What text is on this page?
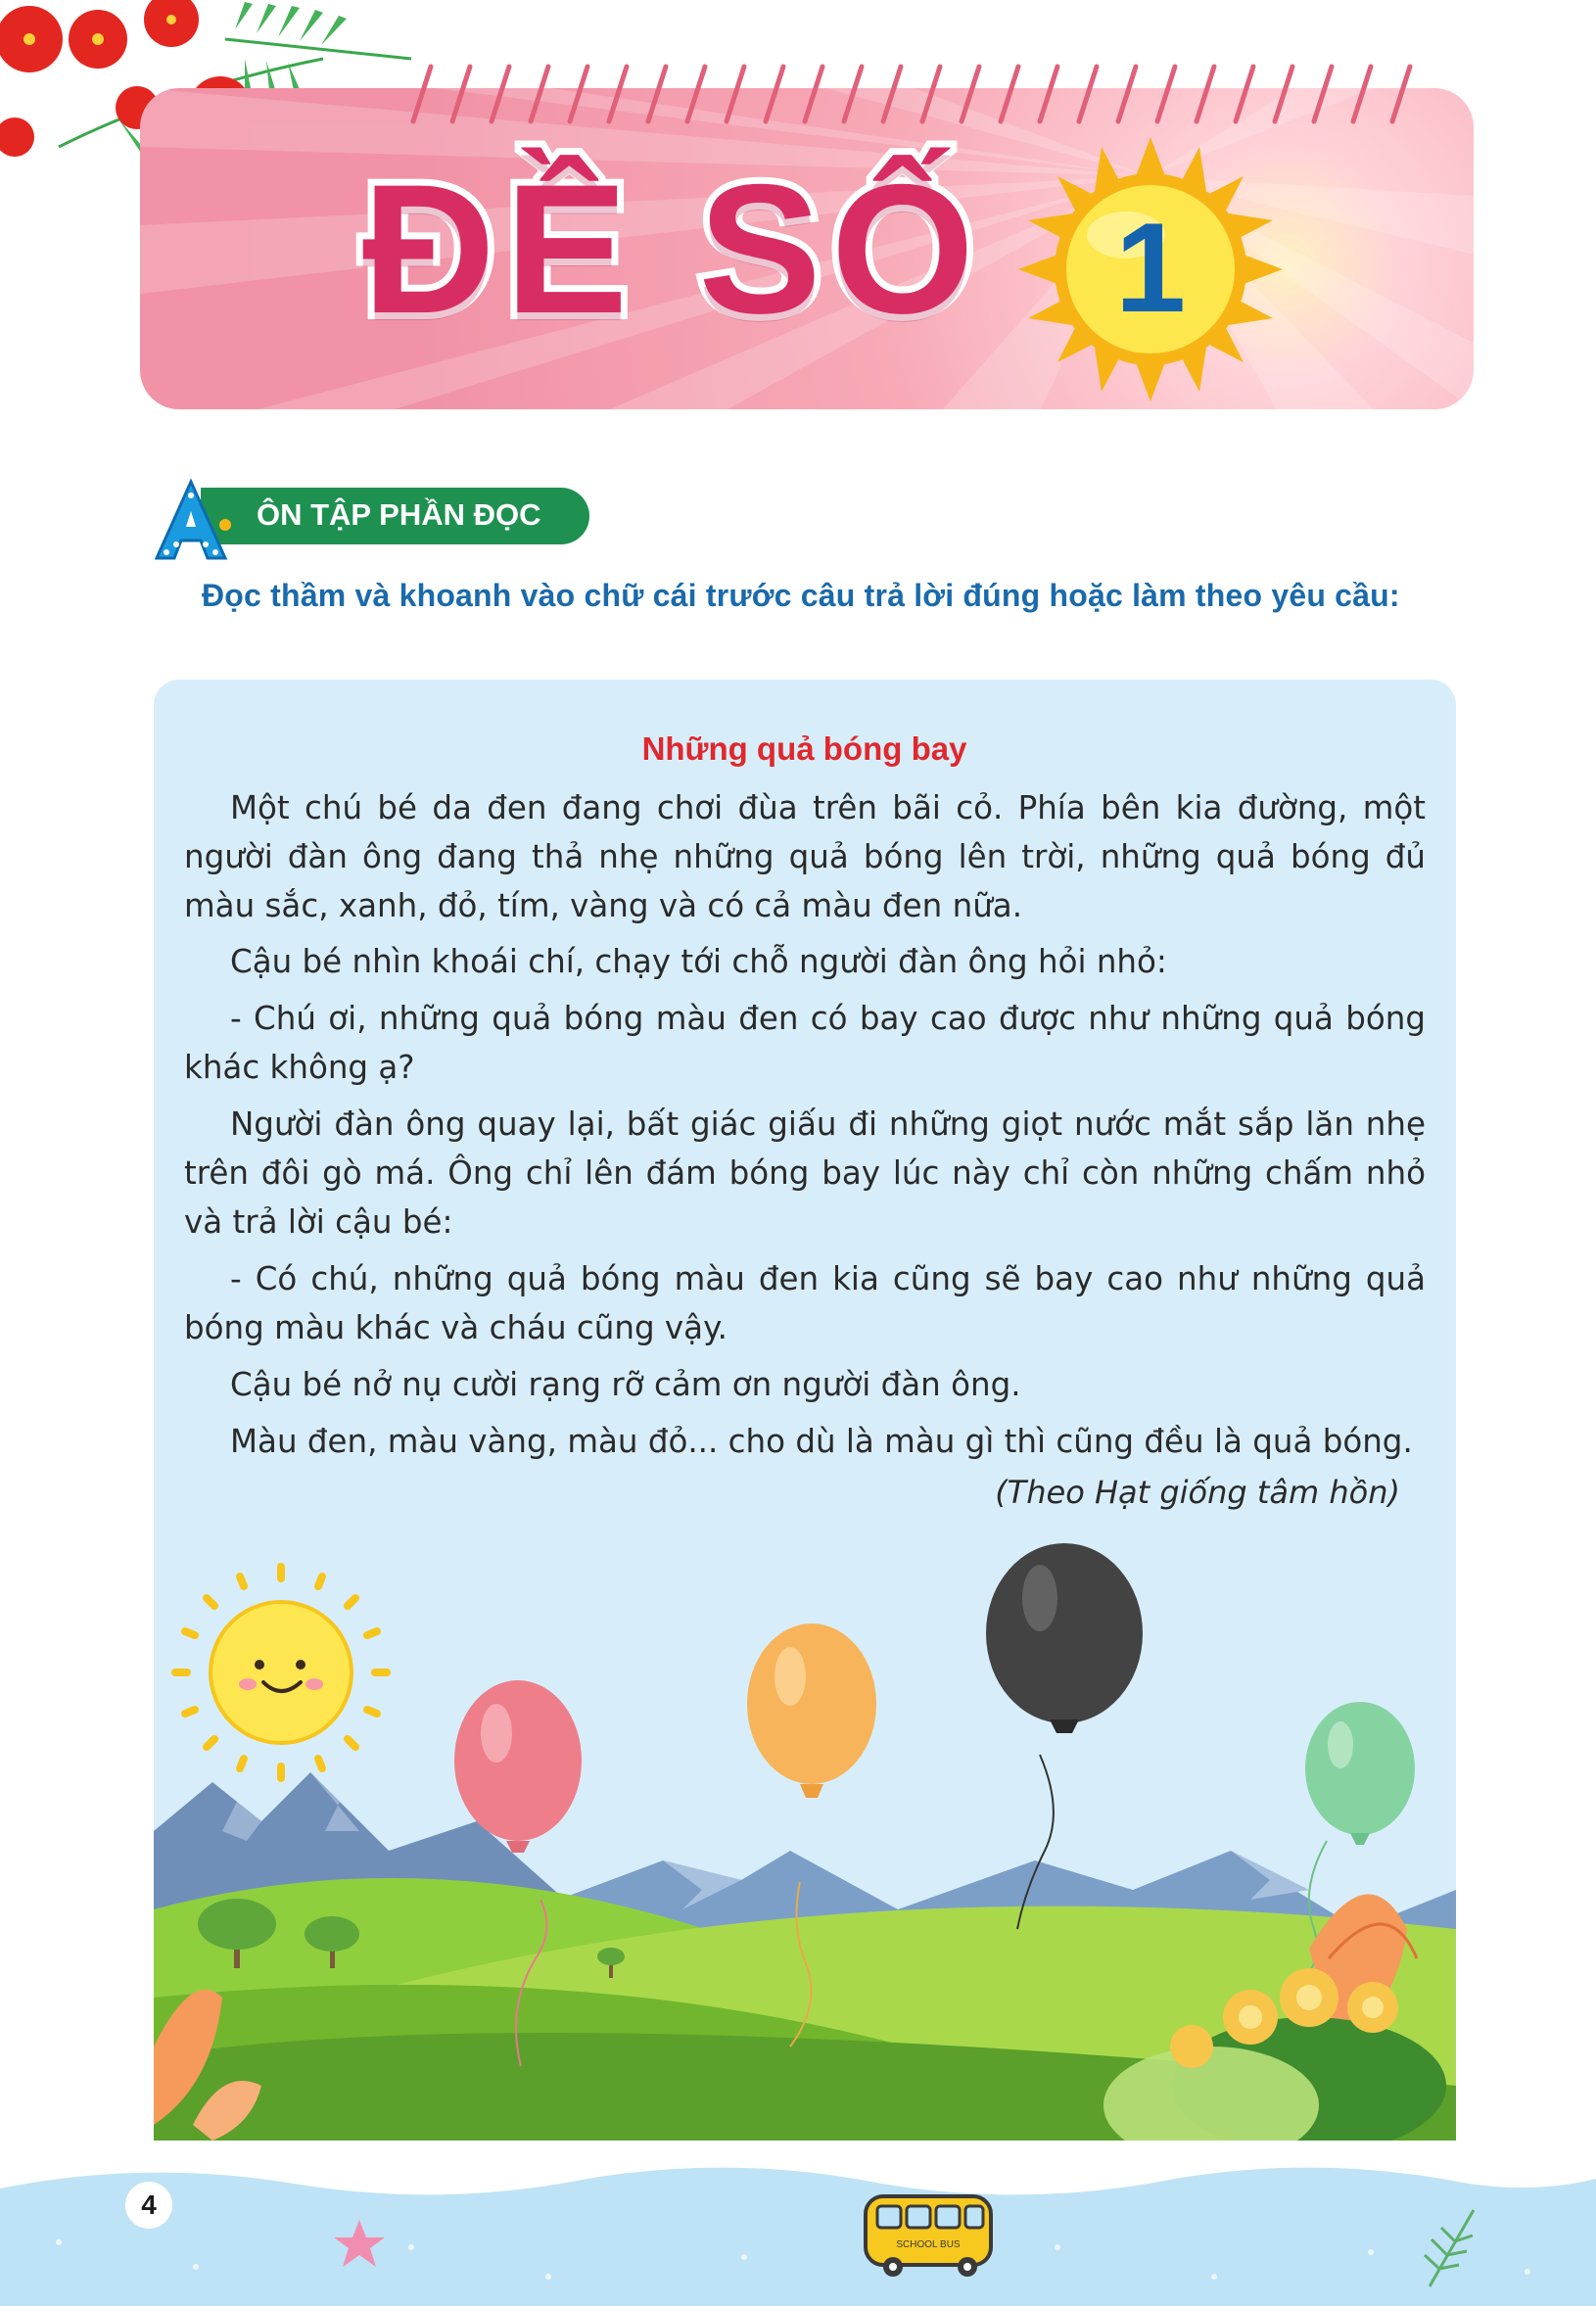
ĐỀ SỐ 1
ÔN TẬP PHẦN ĐỌC
Đọc thầm và khoanh vào chữ cái trước câu trả lời đúng hoặc làm theo yêu cầu:
Những quả bóng bay
Một chú bé da đen đang chơi đùa trên bãi cỏ. Phía bên kia đường, một người đàn ông đang thả nhẹ những quả bóng lên trời, những quả bóng đủ màu sắc, xanh, đỏ, tím, vàng và có cả màu đen nữa.
Cậu bé nhìn khoái chí, chạy tới chỗ người đàn ông hỏi nhỏ:
- Chú ơi, những quả bóng màu đen có bay cao được như những quả bóng khác không ạ?
Người đàn ông quay lại, bất giác giấu đi những giọt nước mắt sắp lăn nhẹ trên đôi gò má. Ông chỉ lên đám bóng bay lúc này chỉ còn những chấm nhỏ và trả lời cậu bé:
- Có chú, những quả bóng màu đen kia cũng sẽ bay cao như những quả bóng màu khác và cháu cũng vậy.
Cậu bé nở nụ cười rạng rỡ cảm ơn người đàn ông.
Màu đen, màu vàng, màu đỏ... cho dù là màu gì thì cũng đều là quả bóng.
(Theo Hạt giống tâm hồn)
SCHOOL BUS
4
